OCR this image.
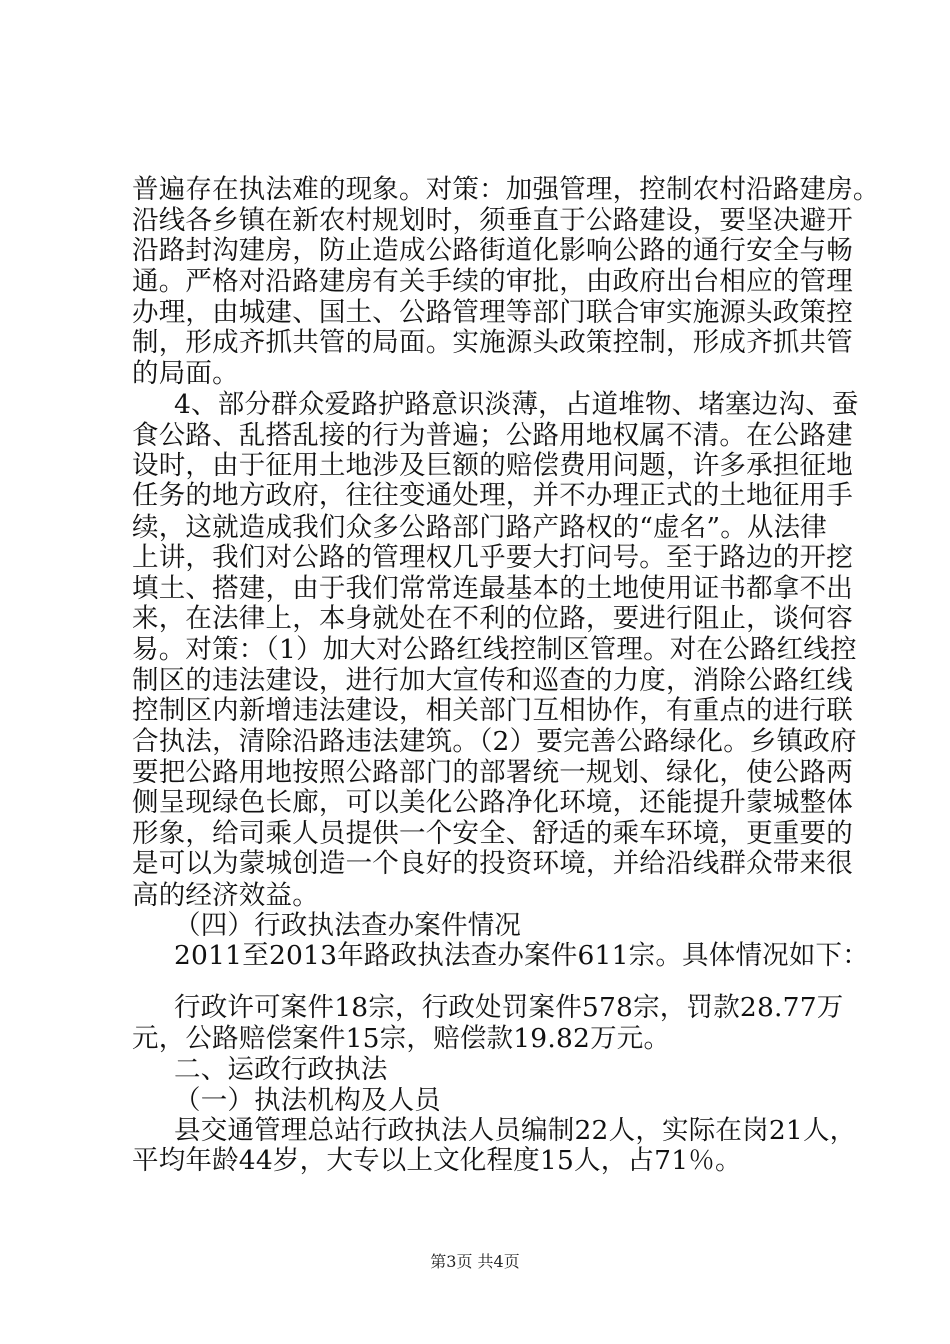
普遍存在执法难的现象。对策：加强管理，控制农村沿路建房。
沿线各乡镇在新农村规划时，须垂直于公路建设，要坚决避开
沿路封沟建房，防止造成公路街道化影响公路的通行安全与畅
通。严格对沿路建房有关手续的审批，由政府出台相应的管理
办理，由城建、国土、公路管理等部门联合审实施源头政策控
制，形成齐抓共管的局面。实施源头政策控制，形成齐抓共管
的局面。
4、部分群众爱路护路意识淡薄，占道堆物、堵塞边沟、蚕
食公路、乱搭乱接的行为普遍；公路用地权属不清。在公路建
设时，由于征用土地涉及巨额的赔偿费用问题，许多承担征地
任务的地方政府，往往变通处理，并不办理正式的土地征用手
续，这就造成我们众多公路部门路产路权的“虚名”。从法律
上讲，我们对公路的管理权几乎要大打问号。至于路边的开挖
填土、搭建，由于我们常常连最基本的土地使用证书都拿不出
来，在法律上，本身就处在不利的位路，要进行阻止，谈何容
易。对策：（1）加大对公路红线控制区管理。对在公路红线控
制区的违法建设，进行加大宣传和巡查的力度，消除公路红线
控制区内新增违法建设，相关部门互相协作，有重点的进行联
合执法，清除沿路违法建筑。（2）要完善公路绿化。乡镇政府
要把公路用地按照公路部门的部署统一规划、绿化，使公路两
侧呈现绿色长廊，可以美化公路净化环境，还能提升蒙城整体
形象，给司乘人员提供一个安全、舒适的乘车环境，更重要的
是可以为蒙城创造一个良好的投资环境，并给沿线群众带来很
高的经济效益。
（四）行政执法查办案件情况
2011至2013年路政执法查办案件611宗。具体情况如下：
行政许可案件18宗，行政处罚案件578宗，罚款28.77万
元，公路赔偿案件15宗，赔偿款19.82万元。
二、运政行政执法
（一）执法机构及人员
县交通管理总站行政执法人员编制22人，实际在岗21人，
平均年龄44岁，大专以上文化程度15人，占71％。
第3页 共4页
